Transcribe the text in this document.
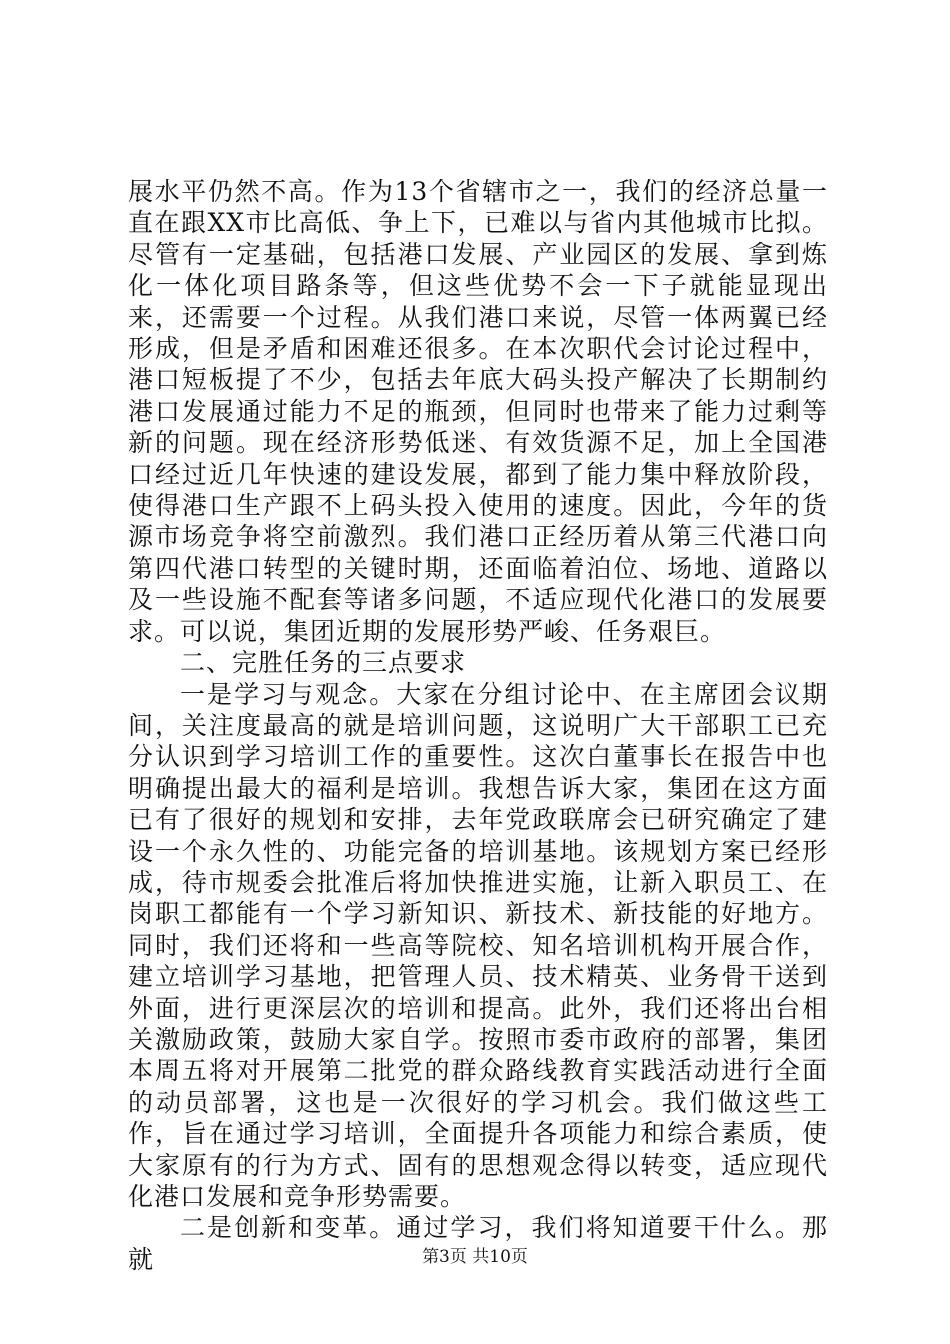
展水平仍然不高。作为13个省辖市之一，我们的经济总量一直在跟XX市比高低、争上下，已难以与省内其他城市比拟。尽管有一定基础，包括港口发展、产业园区的发展、拿到炼化一体化项目路条等，但这些优势不会一下子就能显现出来，还需要一个过程。从我们港口来说，尽管一体两翼已经形成，但是矛盾和困难还很多。在本次职代会讨论过程中，港口短板提了不少，包括去年底大码头投产解决了长期制约港口发展通过能力不足的瓶颈，但同时也带来了能力过剩等新的问题。现在经济形势低迷、有效货源不足，加上全国港口经过近几年快速的建设发展，都到了能力集中释放阶段，使得港口生产跟不上码头投入使用的速度。因此，今年的货源市场竞争将空前激烈。我们港口正经历着从第三代港口向第四代港口转型的关键时期，还面临着泊位、场地、道路以及一些设施不配套等诸多问题，不适应现代化港口的发展要求。可以说，集团近期的发展形势严峻、任务艰巨。

二、完胜任务的三点要求

一是学习与观念。大家在分组讨论中、在主席团会议期间，关注度最高的就是培训问题，这说明广大干部职工已充分认识到学习培训工作的重要性。这次白董事长在报告中也明确提出最大的福利是培训。我想告诉大家，集团在这方面已有了很好的规划和安排，去年党政联席会已研究确定了建设一个永久性的、功能完备的培训基地。该规划方案已经形成，待市规委会批准后将加快推进实施，让新入职员工、在岗职工都能有一个学习新知识、新技术、新技能的好地方。同时，我们还将和一些高等院校、知名培训机构开展合作，建立培训学习基地，把管理人员、技术精英、业务骨干送到外面，进行更深层次的培训和提高。此外，我们还将出台相关激励政策，鼓励大家自学。按照市委市政府的部署，集团本周五将对开展第二批党的群众路线教育实践活动进行全面的动员部署，这也是一次很好的学习机会。我们做这些工作，旨在通过学习培训，全面提升各项能力和综合素质，使大家原有的行为方式、固有的思想观念得以转变，适应现代化港口发展和竞争形势需要。

二是创新和变革。通过学习，我们将知道要干什么。那就	第3页 共10页
